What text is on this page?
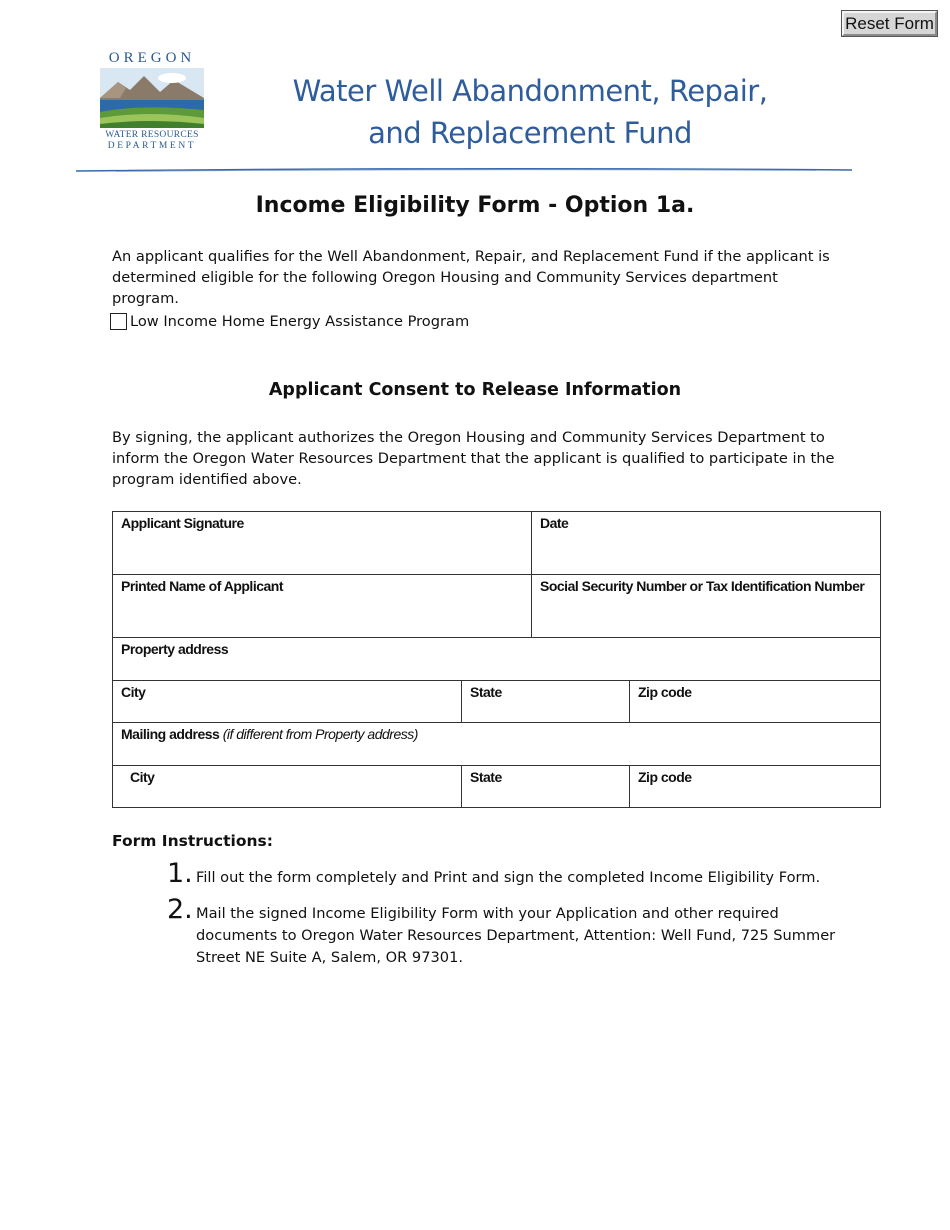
Reset Form
OREGON
WATER RESOURCES
DEPARTMENT
Water Well Abandonment, Repair,
and Replacement Fund
Income Eligibility Form - Option 1a.
An applicant qualifies for the Well Abandonment, Repair, and Replacement Fund if the applicant is determined eligible for the following Oregon Housing and Community Services department program.
Low Income Home Energy Assistance Program
Applicant Consent to Release Information
By signing, the applicant authorizes the Oregon Housing and Community Services Department to inform the Oregon Water Resources Department that the applicant is qualified to participate in the program identified above.
Applicant Signature	Date
Printed Name of Applicant	Social Security Number or Tax Identification Number
Property address
City	State	Zip code
Mailing address (if different from Property address)
City	State	Zip code
Form Instructions:
1. Fill out the form completely and Print and sign the completed Income Eligibility Form.
2. Mail the signed Income Eligibility Form with your Application and other required documents to Oregon Water Resources Department, Attention: Well Fund, 725 Summer Street NE Suite A, Salem, OR 97301.
